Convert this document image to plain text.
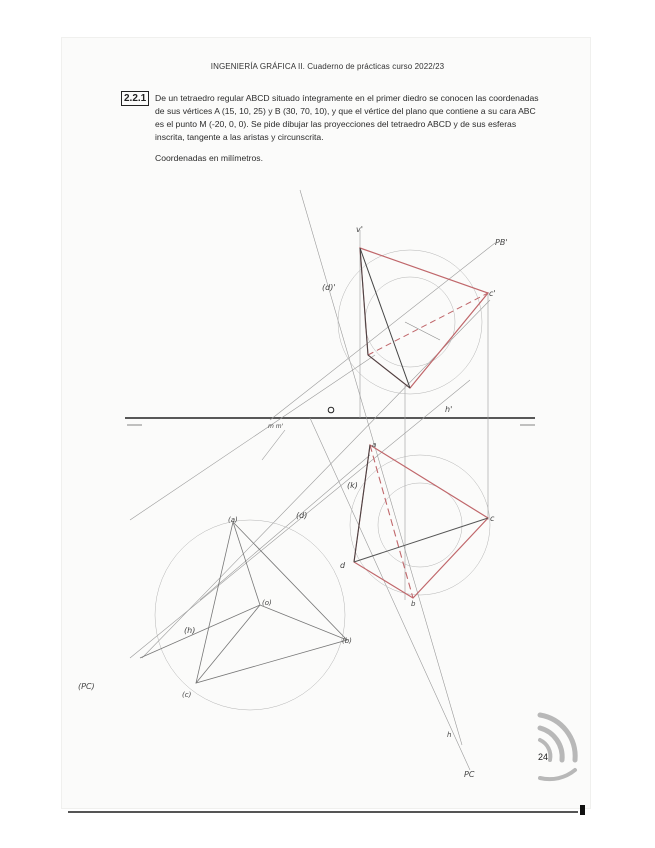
INGENIERÍA GRÁFICA II. Cuaderno de prácticas curso 2022/23
2.2.1	De un tetraedro regular ABCD situado íntegramente en el primer diedro se conocen las coordenadas de sus vértices A (15, 10, 25) y B (30, 70, 10), y que el vértice del plano que contiene a su cara ABC es el punto M (-20, 0, 0). Se pide dibujar las proyecciones del tetraedro ABCD y de sus esferas inscrita, tangente a las aristas y circunscrita.
Coordenadas en milímetros.
v'
PB'
c'
(d)'
h'
m m'
a
c
d
b
(k)
(d)
(a)
(o)
(b)
(h)
(c)
(PC)
h
PC
24
